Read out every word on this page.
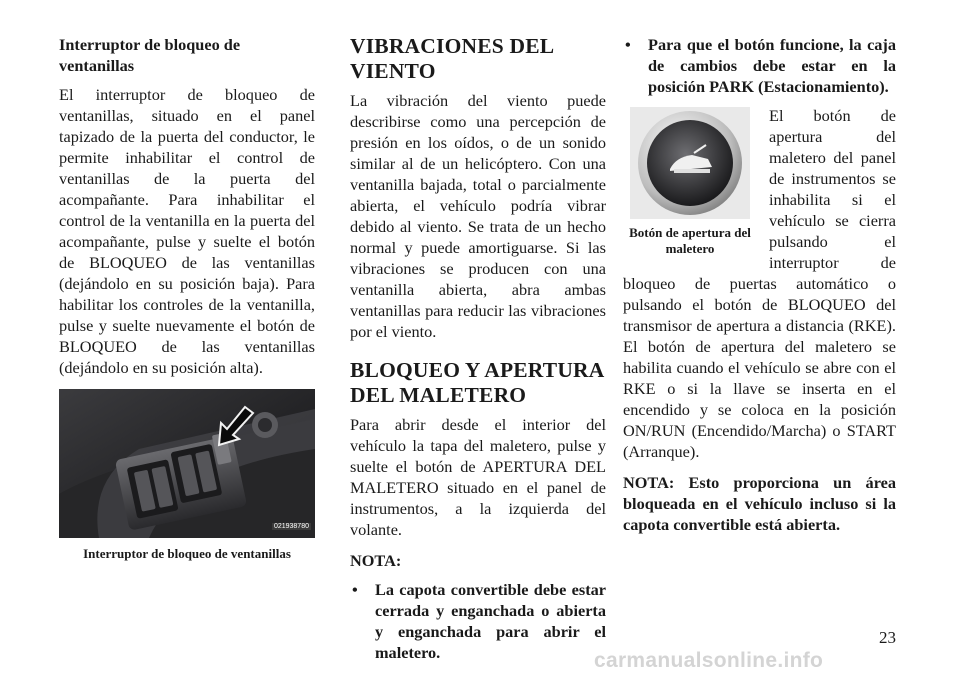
Interruptor de bloqueo de ventanillas

El interruptor de bloqueo de ventanillas, situado en el panel tapizado de la puerta del conductor, le permite inhabilitar el control de ventanillas de la puerta del acompañante. Para inhabilitar el control de la ventanilla en la puerta del acompañante, pulse y suelte el botón de BLOQUEO de las ventanillas (dejándolo en su posición baja). Para habilitar los controles de la ventanilla, pulse y suelte nuevamente el botón de BLOQUEO de las ventanillas (dejándolo en su posición alta).

021938780
Interruptor de bloqueo de ventanillas
VIBRACIONES DEL VIENTO

La vibración del viento puede describirse como una percepción de presión en los oídos, o de un sonido similar al de un helicóptero. Con una ventanilla bajada, total o parcialmente abierta, el vehículo podría vibrar debido al viento. Se trata de un hecho normal y puede amortiguarse. Si las vibraciones se producen con una ventanilla abierta, abra ambas ventanillas para reducir las vibraciones por el viento.

BLOQUEO Y APERTURA DEL MALETERO

Para abrir desde el interior del vehículo la tapa del maletero, pulse y suelte el botón de APERTURA DEL MALETERO situado en el panel de instrumentos, a la izquierda del volante.

NOTA:

• La capota convertible debe estar cerrada y enganchada o abierta y enganchada para abrir el maletero.
• Para que el botón funcione, la caja de cambios debe estar en la posición PARK (Estacionamiento).
Botón de apertura del maletero

El botón de apertura del maletero del panel de instrumentos se inhabilita si el vehículo se cierra pulsando el interruptor de bloqueo de puertas automático o pulsando el botón de BLOQUEO del transmisor de apertura a distancia (RKE). El botón de apertura del maletero se habilita cuando el vehículo se abre con el RKE o si la llave se inserta en el encendido y se coloca en la posición ON/RUN (Encendido/Marcha) o START (Arranque).

NOTA: Esto proporciona un área bloqueada en el vehículo incluso si la capota convertible está abierta.

23
carmanualsonline.info
